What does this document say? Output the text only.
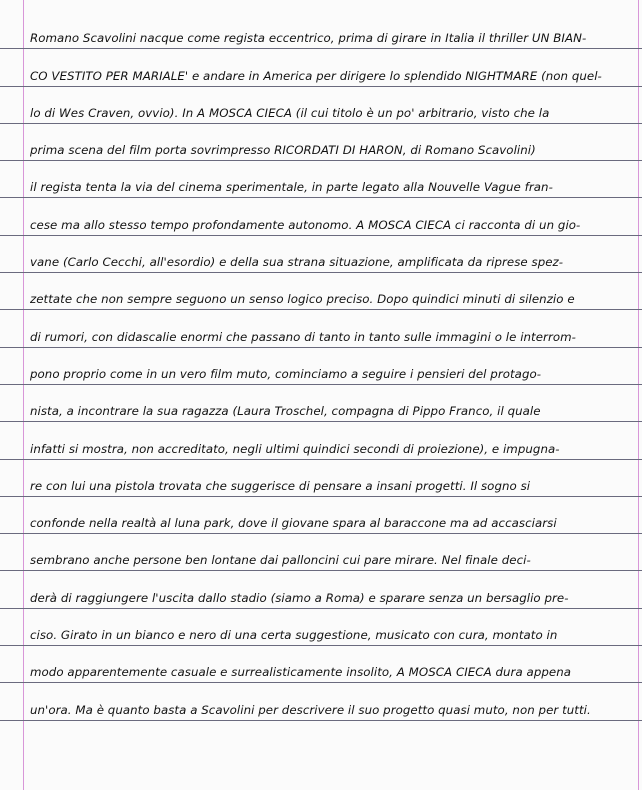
Romano Scavolini nacque come regista eccentrico, prima di girare in Italia il thriller UN BIAN-
CO VESTITO PER MARIALE' e andare in America per dirigere lo splendido NIGHTMARE (non quel-
lo di Wes Craven, ovvio). In A MOSCA CIECA (il cui titolo è un po' arbitrario, visto che la
prima scena del film porta sovrimpresso RICORDATI DI HARON, di Romano Scavolini)
il regista tenta la via del cinema sperimentale, in parte legato alla Nouvelle Vague fran-
cese ma allo stesso tempo profondamente autonomo. A MOSCA CIECA ci racconta di un gio-
vane (Carlo Cecchi, all'esordio) e della sua strana situazione, amplificata da riprese spez-
zettate che non sempre seguono un senso logico preciso. Dopo quindici minuti di silenzio e
di rumori, con didascalie enormi che passano di tanto in tanto sulle immagini o le interrom-
pono proprio come in un vero film muto, cominciamo a seguire i pensieri del protago-
nista, a incontrare la sua ragazza (Laura Troschel, compagna di Pippo Franco, il quale
infatti si mostra, non accreditato, negli ultimi quindici secondi di proiezione), e impugna-
re con lui una pistola trovata che suggerisce di pensare a insani progetti. Il sogno si
confonde nella realtà al luna park, dove il giovane spara al baraccone ma ad accasciarsi
sembrano anche persone ben lontane dai palloncini cui pare mirare. Nel finale deci-
derà di raggiungere l'uscita dallo stadio (siamo a Roma) e sparare senza un bersaglio pre-
ciso. Girato in un bianco e nero di una certa suggestione, musicato con cura, montato in
modo apparentemente casuale e surrealisticamente insolito, A MOSCA CIECA dura appena
un'ora. Ma è quanto basta a Scavolini per descrivere il suo progetto quasi muto, non per tutti.
